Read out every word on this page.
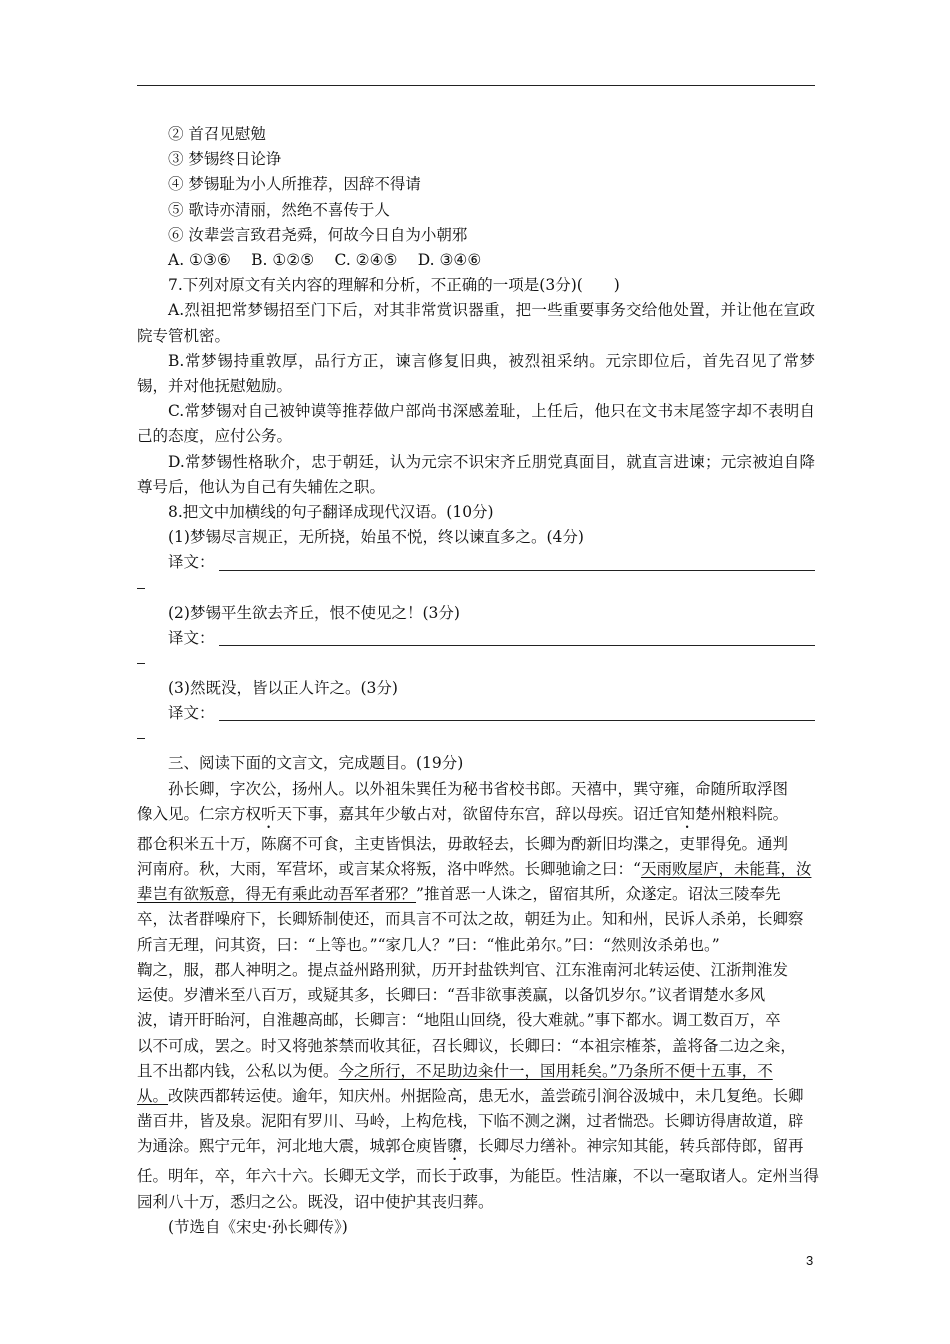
② 首召见慰勉
③ 梦锡终日论诤
④ 梦锡耻为小人所推荐，因辞不得请
⑤ 歌诗亦清丽，然绝不喜传于人
⑥ 汝辈尝言致君尧舜，何故今日自为小朝邪
A. ①③⑥　 B. ①②⑤　 C. ②④⑤　 D. ③④⑥
7.下列对原文有关内容的理解和分析，不正确的一项是(3分)(　　)
A.烈祖把常梦锡招至门下后，对其非常赏识器重，把一些重要事务交给他处置，并让他在宣政院专管机密。
B.常梦锡持重敦厚，品行方正，谏言修复旧典，被烈祖采纳。元宗即位后，首先召见了常梦锡，并对他抚慰勉励。
C.常梦锡对自己被钟谟等推荐做户部尚书深感羞耻，上任后，他只在文书末尾签字却不表明自己的态度，应付公务。
D.常梦锡性格耿介，忠于朝廷，认为元宗不识宋齐丘朋党真面目，就直言进谏；元宗被迫自降尊号后，他认为自己有失辅佐之职。
8.把文中加横线的句子翻译成现代汉语。(10分)
(1)梦锡尽言规正，无所挠，始虽不悦，终以谏直多之。(4分)
译文：
(2)梦锡平生欲去齐丘，恨不使见之！(3分)
译文：
(3)然既没，皆以正人许之。(3分)
译文：
三、阅读下面的文言文，完成题目。(19分)
孙长卿，字次公，扬州人。以外祖朱巽任为秘书省校书郎。天禧中，巽守雍，命随所取浮图
像入见。仁宗方权听天下事，嘉其年少敏占对，欲留侍东宫，辞以母疾。诏迁官知楚州粮料院。
郡仓积米五十万，陈腐不可食，主吏皆惧法，毋敢轻去，长卿为酌新旧均渫之，吏罪得免。通判
河南府。秋，大雨，军营坏，或言某众将叛，洛中哗然。长卿驰谕之曰：“天雨败屋庐，未能葺，汝
辈岂有欲叛意，得无有乘此动吾军者邪？”推首恶一人诛之，留宿其所，众遂定。诏汰三陵奉先
卒，汰者群噪府下，长卿矫制使还，而具言不可汰之故，朝廷为止。知和州，民诉人杀弟，长卿察
所言无理，问其资，曰：“上等也。”“家几人？”曰：“惟此弟尔。”曰：“然则汝杀弟也。”
鞫之，服，郡人神明之。提点益州路刑狱，历开封盐铁判官、江东淮南河北转运使、江浙荆淮发
运使。岁漕米至八百万，或疑其多，长卿曰：“吾非欲事羡赢，以备饥岁尔。”议者谓楚水多风
波，请开盱眙河，自淮趣高邮，长卿言：“地阻山回绕，役大难就。”事下都水。调工数百万，卒
以不可成，罢之。时又将弛茶禁而收其征，召长卿议，长卿曰：“本祖宗榷茶，盖将备二边之籴，
且不出都内钱，公私以为便。今之所行，不足助边籴什一，国用耗矣。”乃条所不便十五事，不
从。改陕西都转运使。逾年，知庆州。州据险高，患无水，盖尝疏引涧谷汲城中，未几复绝。长卿
凿百井，皆及泉。泥阳有罗川、马岭，上构危栈，下临不测之渊，过者惴恐。长卿访得唐故道，辟
为通涂。熙宁元年，河北地大震，城郭仓庾皆隳，长卿尽力缮补。神宗知其能，转兵部侍郎，留再
任。明年，卒，年六十六。长卿无文学，而长于政事，为能臣。性洁廉，不以一毫取诸人。定州当得
园利八十万，悉归之公。既没，诏中使护其丧归葬。
(节选自《宋史·孙长卿传》)
3
